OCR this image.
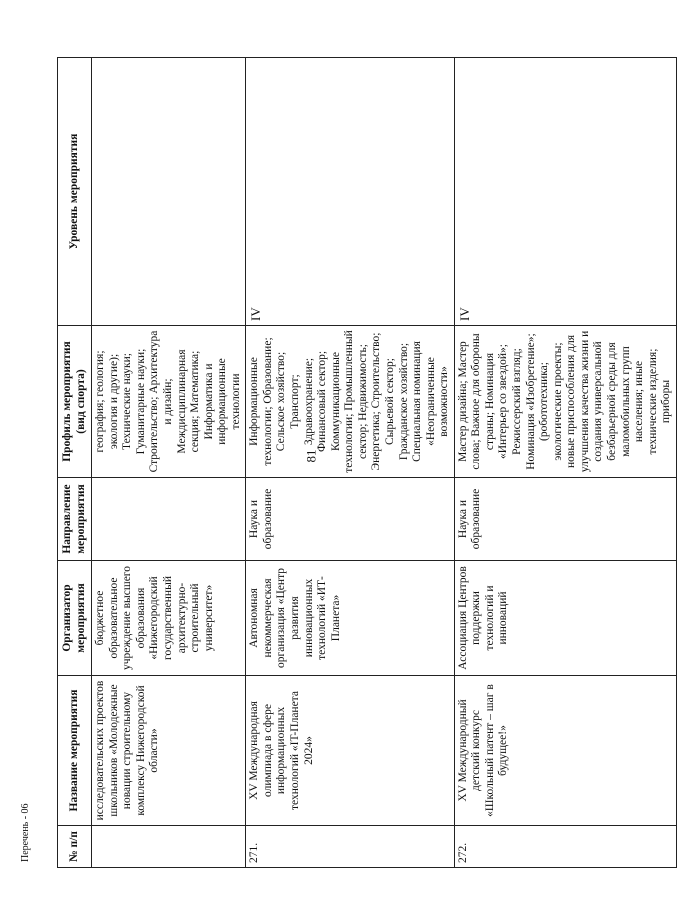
81
№ п/п	Название мероприятия	Организатор мероприятия	Направление мероприятия	Профиль мероприятия (вид спорта)	Уровень мероприятия
	исследовательских проектов школьников «Молодежные новации строительному комплексу Нижегородской области»	бюджетное образовательное учреждение высшего образования «Нижегородский государственный архитектурно-строительный университет»		география; геология; экология и другие); Технические науки; Гуманитарные науки; Строительство; Архитектура и дизайн; Междисциплинарная секция; Математика; Информатика и информационные технологии	
271.	XV Международная олимпиада в сфере информационных технологий «IT-Планета 2024»	Автономная некоммерческая организация «Центр развития инновационных технологий «ИТ-Планета»	Наука и образование	Информационные технологии; Образование; Сельское хозяйство; Транспорт; Здравоохранение; Финансовый сектор; Коммуникационные технологии; Промышленный сектор; Недвижимость; Энергетика; Строительство; Сырьевой сектор; Гражданское хозяйство; Специальная номинация «Неограниченные возможности»	IV
272.	XV Международный детский конкурс «Школьный патент – шаг в будущее!»	Ассоциация Центров поддержки технологий и инноваций	Наука и образование	Мастер дизайна; Мастер слова; Важное для обороны страны; Номинация «Интерьер со звездой»; Режиссерский взгляд; Номинация «Изобретение»; (робототехника; экологические проекты; новые приспособления для улучшения качества жизни и создания универсальной безбарьерной среды для маломобильных групп населения; иные технические изделия; приборы	IV
Перечень - 06
